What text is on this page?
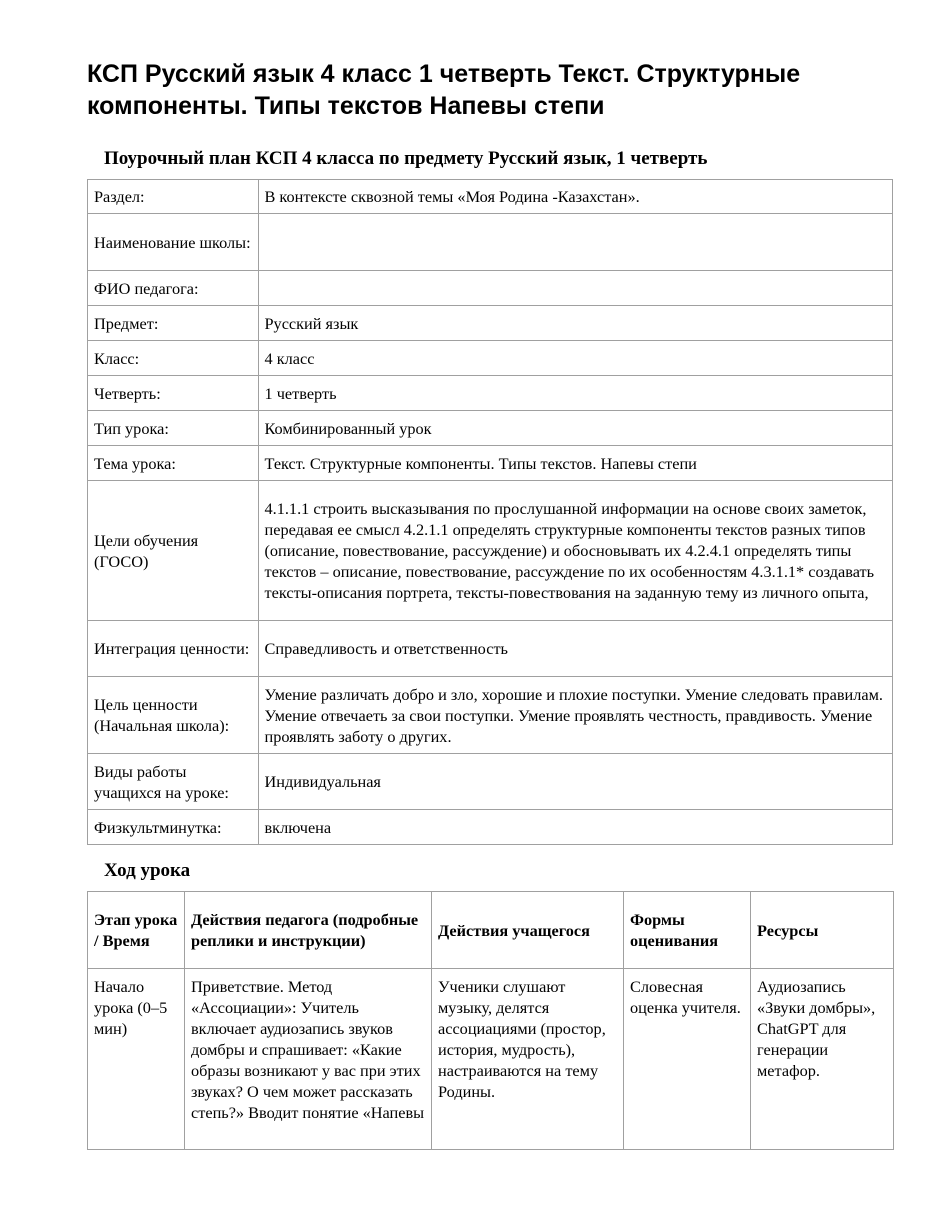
КСП Русский язык 4 класс 1 четверть Текст. Структурные компоненты. Типы текстов Напевы степи
Поурочный план КСП 4 класса по предмету Русский язык, 1 четверть
Раздел:	В контексте сквозной темы «Моя Родина -Казахстан».
Наименование школы:	
ФИО педагога:	
Предмет:	Русский язык
Класс:	4 класс
Четверть:	1 четверть
Тип урока:	Комбинированный урок
Тема урока:	Текст. Структурные компоненты. Типы текстов. Напевы степи
Цели обучения (ГОСО)	4.1.1.1 строить высказывания по прослушанной информации на основе своих заметок, передавая ее смысл 4.2.1.1 определять структурные компоненты текстов разных типов (описание, повествование, рассуждение) и обосновывать их 4.2.4.1 определять типы текстов – описание, повествование, рассуждение по их особенностям 4.3.1.1* создавать тексты-описания портрета, тексты-повествования на заданную тему из личного опыта,
Интеграция ценности:	Справедливость и ответственность
Цель ценности (Начальная школа):	Умение различать добро и зло, хорошие и плохие поступки. Умение следовать правилам. Умение отвечаеть за свои поступки. Умение проявлять честность, правдивость. Умение проявлять заботу о других.
Виды работы учащихся на уроке:	Индивидуальная
Физкультминутка:	включена
Ход урока
Этап урока / Время	Действия педагога (подробные реплики и инструкции)	Действия учащегося	Формы оценивания	Ресурсы
Начало урока (0–5 мин)	Приветствие. Метод «Ассоциации»: Учитель включает аудиозапись звуков домбры и спрашивает: «Какие образы возникают у вас при этих звуках? О чем может рассказать степь?» Вводит понятие «Напевы	Ученики слушают музыку, делятся ассоциациями (простор, история, мудрость), настраиваются на тему Родины.	Словесная оценка учителя.	Аудиозапись «Звуки домбры», ChatGPT для генерации метафор.
